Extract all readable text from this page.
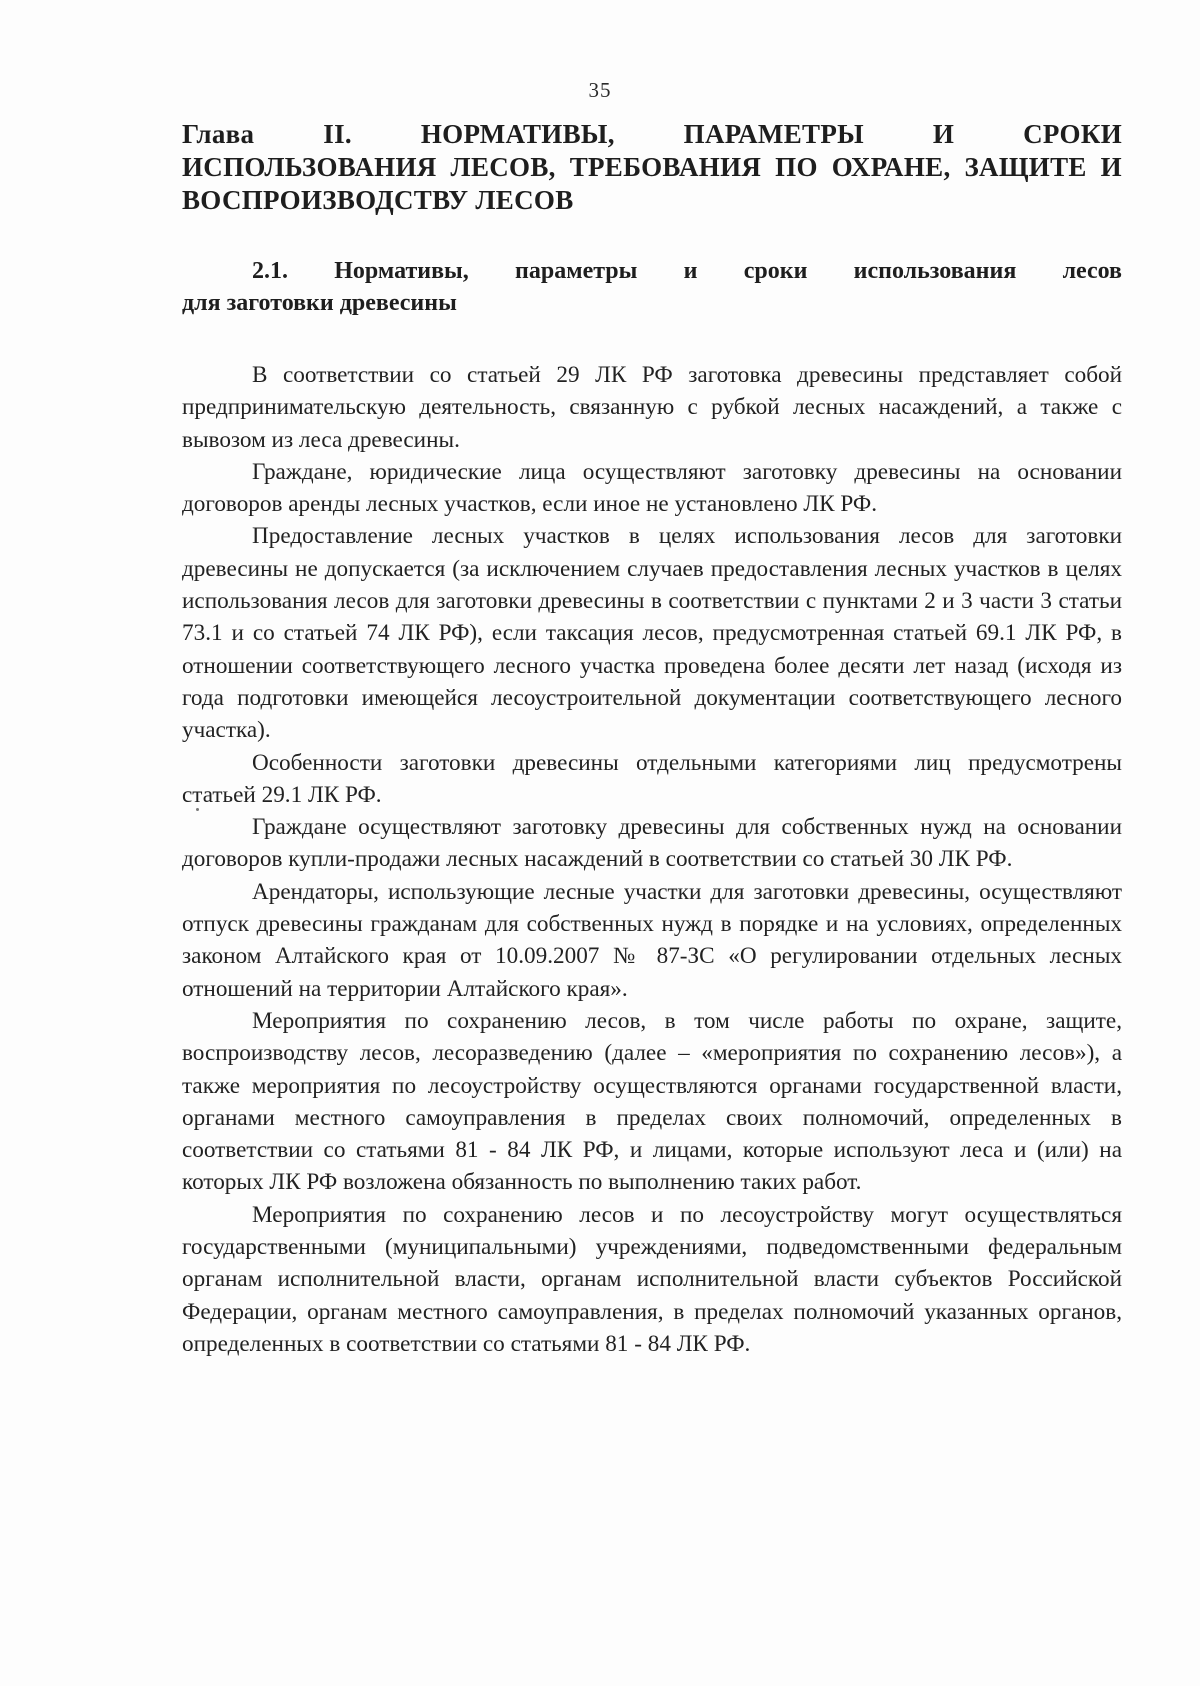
35
Глава II. НОРМАТИВЫ, ПАРАМЕТРЫ И СРОКИ
ИСПОЛЬЗОВАНИЯ ЛЕСОВ, ТРЕБОВАНИЯ ПО ОХРАНЕ, ЗАЩИТЕ И ВОСПРОИЗВОДСТВУ ЛЕСОВ
2.1. Нормативы, параметры и сроки использования лесов
для заготовки древесины

В соответствии со статьей 29 ЛК РФ заготовка древесины представляет собой предпринимательскую деятельность, связанную с рубкой лесных насаждений, а также с вывозом из леса древесины.

Граждане, юридические лица осуществляют заготовку древесины на основании договоров аренды лесных участков, если иное не установлено ЛК РФ.

Предоставление лесных участков в целях использования лесов для заготовки древесины не допускается (за исключением случаев предоставления лесных участков в целях использования лесов для заготовки древесины в соответствии с пунктами 2 и 3 части 3 статьи 73.1 и со статьей 74 ЛК РФ), если таксация лесов, предусмотренная статьей 69.1 ЛК РФ, в отношении соответствующего лесного участка проведена более десяти лет назад (исходя из года подготовки имеющейся лесоустроительной документации соответствующего лесного участка).

Особенности заготовки древесины отдельными категориями лиц предусмотрены статьей 29.1 ЛК РФ.

Граждане осуществляют заготовку древесины для собственных нужд на основании договоров купли-продажи лесных насаждений в соответствии со статьей 30 ЛК РФ.

Арендаторы, использующие лесные участки для заготовки древесины, осуществляют отпуск древесины гражданам для собственных нужд в порядке и на условиях, определенных законом Алтайского края от 10.09.2007 № 87-ЗС «О регулировании отдельных лесных отношений на территории Алтайского края».

Мероприятия по сохранению лесов, в том числе работы по охране, защите, воспроизводству лесов, лесоразведению (далее – «мероприятия по сохранению лесов»), а также мероприятия по лесоустройству осуществляются органами государственной власти, органами местного самоуправления в пределах своих полномочий, определенных в соответствии со статьями 81 - 84 ЛК РФ, и лицами, которые используют леса и (или) на которых ЛК РФ возложена обязанность по выполнению таких работ.

Мероприятия по сохранению лесов и по лесоустройству могут осуществляться государственными (муниципальными) учреждениями, подведомственными федеральным органам исполнительной власти, органам исполнительной власти субъектов Российской Федерации, органам местного самоуправления, в пределах полномочий указанных органов, определенных в соответствии со статьями 81 - 84 ЛК РФ.
